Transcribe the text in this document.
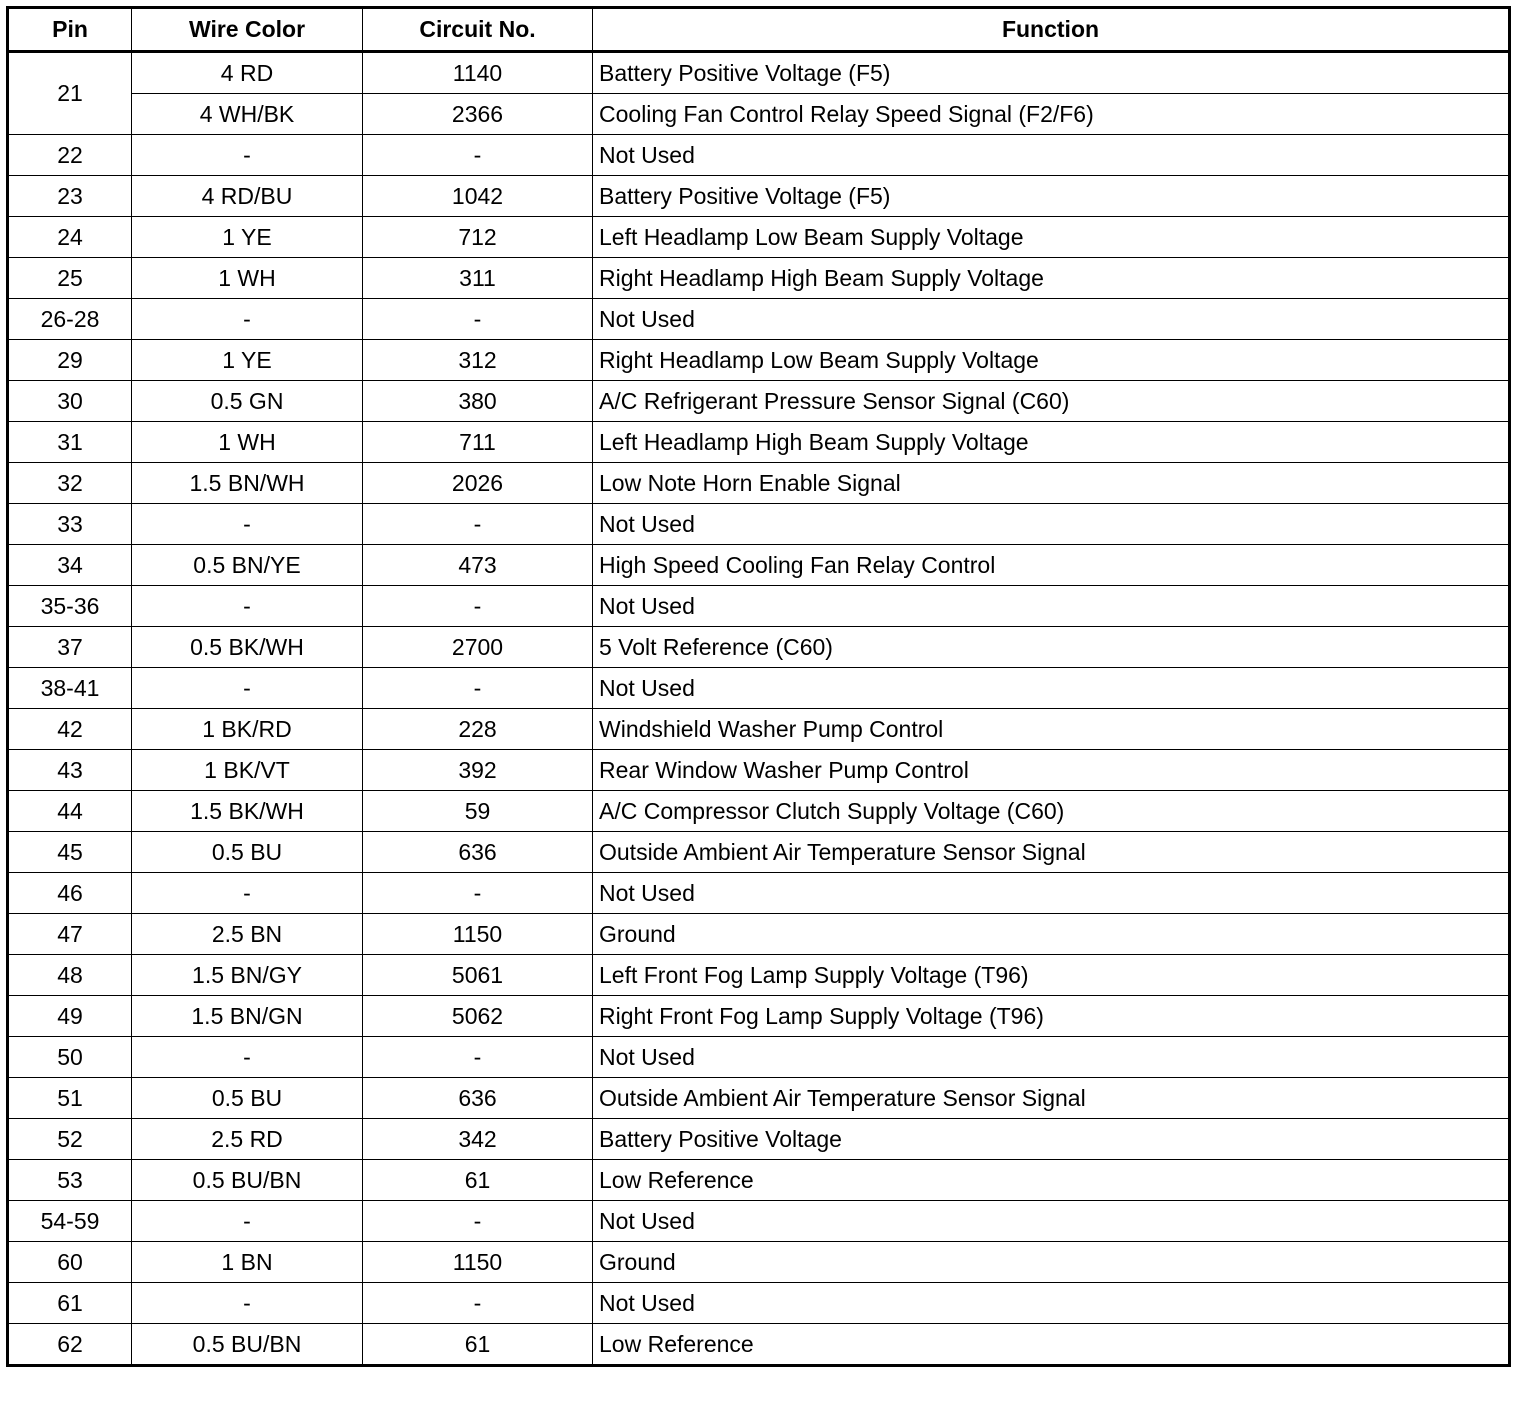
Pin	Wire Color	Circuit No.	Function
21	4 RD	1140	Battery Positive Voltage (F5)
	4 WH/BK	2366	Cooling Fan Control Relay Speed Signal (F2/F6)
22	-	-	Not Used
23	4 RD/BU	1042	Battery Positive Voltage (F5)
24	1 YE	712	Left Headlamp Low Beam Supply Voltage
25	1 WH	311	Right Headlamp High Beam Supply Voltage
26-28	-	-	Not Used
29	1 YE	312	Right Headlamp Low Beam Supply Voltage
30	0.5 GN	380	A/C Refrigerant Pressure Sensor Signal (C60)
31	1 WH	711	Left Headlamp High Beam Supply Voltage
32	1.5 BN/WH	2026	Low Note Horn Enable Signal
33	-	-	Not Used
34	0.5 BN/YE	473	High Speed Cooling Fan Relay Control
35-36	-	-	Not Used
37	0.5 BK/WH	2700	5 Volt Reference (C60)
38-41	-	-	Not Used
42	1 BK/RD	228	Windshield Washer Pump Control
43	1 BK/VT	392	Rear Window Washer Pump Control
44	1.5 BK/WH	59	A/C Compressor Clutch Supply Voltage (C60)
45	0.5 BU	636	Outside Ambient Air Temperature Sensor Signal
46	-	-	Not Used
47	2.5 BN	1150	Ground
48	1.5 BN/GY	5061	Left Front Fog Lamp Supply Voltage (T96)
49	1.5 BN/GN	5062	Right Front Fog Lamp Supply Voltage (T96)
50	-	-	Not Used
51	0.5 BU	636	Outside Ambient Air Temperature Sensor Signal
52	2.5 RD	342	Battery Positive Voltage
53	0.5 BU/BN	61	Low Reference
54-59	-	-	Not Used
60	1 BN	1150	Ground
61	-	-	Not Used
62	0.5 BU/BN	61	Low Reference
